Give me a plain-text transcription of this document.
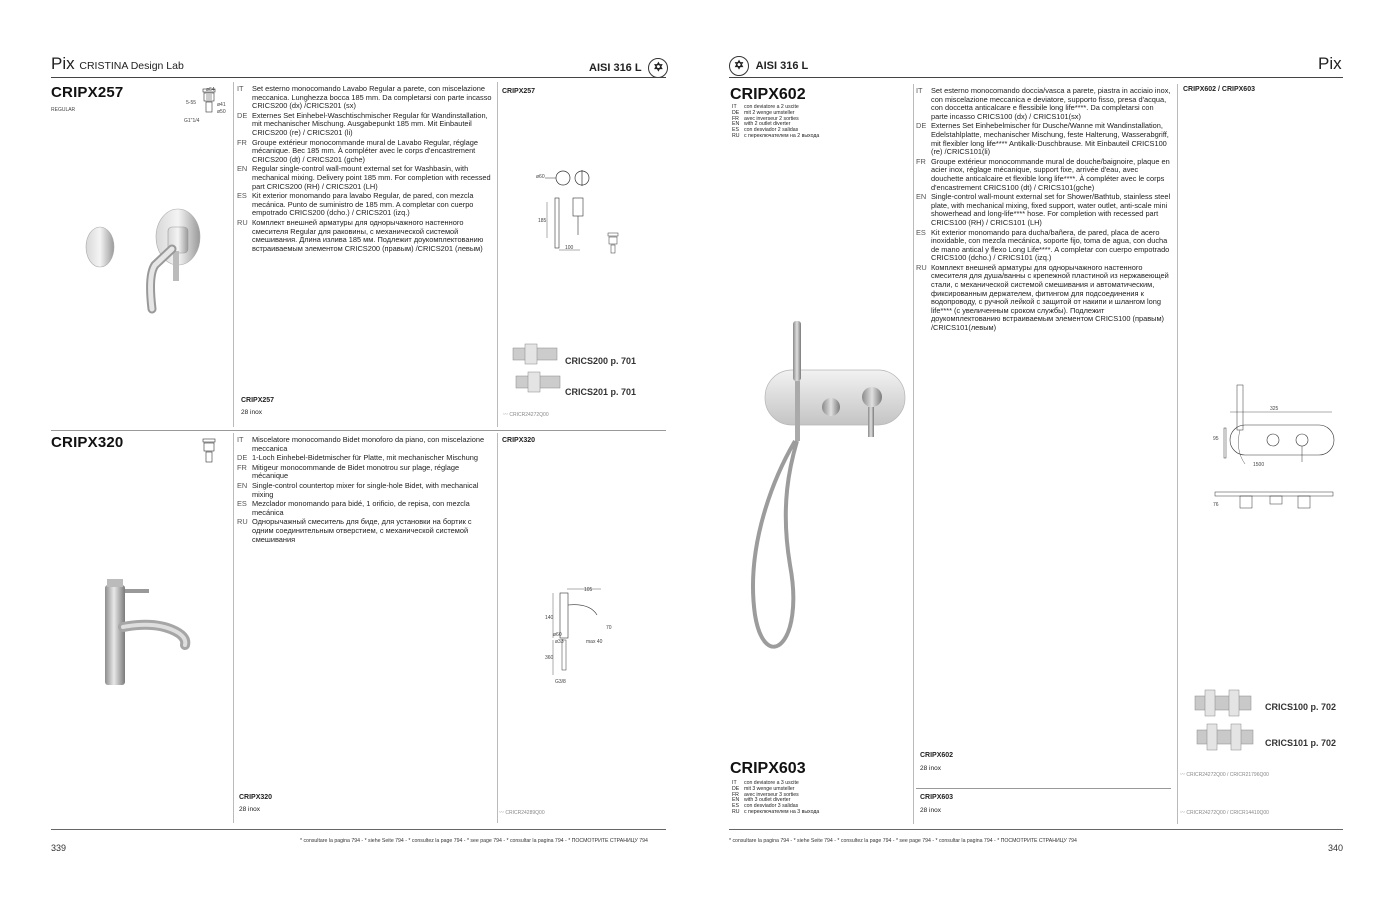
Pix CRISTINA Design Lab	AISI 316 L ✡
CRIPX257
REGULAR
ø64
ø41
ø50
5-55
G1"1/4
IT	Set esterno monocomando Lavabo Regular a parete, con miscelazione meccanica. Lunghezza bocca 185 mm. Da completarsi con parte incasso CRICS200 (dx) /CRICS201 (sx)
DE Externes Set Einhebel-Waschtischmischer Regular für Wandinstallation, mit mechanischer Mischung. Ausgabepunkt 185 mm. Mit Einbauteil CRICS200 (re) / CRICS201 (li)
FR Groupe extérieur monocommande mural de Lavabo Regular, réglage mécanique. Bec 185 mm. À compléter avec le corps d'encastrement CRICS200 (dt) / CRICS201 (gche)
EN Regular single-control wall-mount external set for Washbasin, with mechanical mixing. Delivery point 185 mm. For completion with recessed part CRICS200 (RH) / CRICS201 (LH)
ES Kit exterior monomando para lavabo Regular, de pared, con mezcla mecánica. Punto de suministro de 185 mm. A completar con cuerpo empotrado CRICS200 (dcho.) / CRICS201 (izq.)
RU Комплект внешней арматуры для однорычажного настенного смесителя Regular для раковины, с механической системой смешивания. Длина излива 185 мм. Подлежит доукомплектованию встраиваемым элементом CRICS200 (правым) /CRICS201 (левым)
CRIPX257
ø60
185
100
CRICS200 p. 701
CRICS201 p. 701
CRIPX257
28 inox	〰 CRICR24272Q00
CRIPX320	IT	Miscelatore monocomando Bidet monoforo da piano, con miscelazione meccanica
DE 1-Loch Einhebel-Bidetmischer für Platte, mit mechanischer Mischung
FR Mitigeur monocommande de Bidet monotrou sur plage, réglage mécanique
EN Single-control countertop mixer for single-hole Bidet, with mechanical mixing
ES Mezclador monomando para bidé, 1 orificio, de repisa, con mezcla mecánica
RU Однорычажный смеситель для биде, для установки на бортик с одним соединительным отверстием, с механической системой смешивания
CRIPX320
105
140
70
ø60
ø33	max 40
360
G3/8
CRIPX320
28 inox	〰 CRICR24289Q00
* consultare la pagina 794 - * siehe Seite 794 - * consultez la page 794 - * see page 794 - * consultar la pagina 794 - * ПОСМОТРИТЕ СТРАНИЦУ 794
339
✡ AISI 316 L	Pix
CRIPX602
IT	con deviatore a 2 uscite
DE mit 2 wenge umsteller
FR avec inverseur 2 sorties
EN with 2 outlet diverter
ES con desviador 2 salidas
RU с переключателем на 2 выхода
IT	Set esterno monocomando doccia/vasca a parete, piastra in acciaio inox, con miscelazione meccanica e deviatore, supporto fisso, presa d'acqua, con doccetta anticalcare e flessibile long life****. Da completarsi con parte incasso CRICS100 (dx) / CRICS101(sx)
DE Externes Set Einhebelmischer für Dusche/Wanne mit Wandinstallation, Edelstahlplatte, mechanischer Mischung, feste Halterung, Wasserabgriff, mit flexibler long life**** Antikalk-Duschbrause. Mit Einbauteil CRICS100 (re) /CRICS101(li)
FR Groupe extérieur monocommande mural de douche/baignoire, plaque en acier inox, réglage mécanique, support fixe, arrivée d'eau, avec douchette anticalcaire et flexible long life****. À compléter avec le corps d'encastrement CRICS100 (dt) / CRICS101(gche)
EN Single-control wall-mount external set for Shower/Bathtub, stainless steel plate, with mechanical mixing, fixed support, water outlet, anti-scale mini showerhead and long-life**** hose. For completion with recessed part CRICS100 (RH) / CRICS101 (LH)
ES Kit exterior monomando para ducha/bañera, de pared, placa de acero inoxidable, con mezcla mecánica, soporte fijo, toma de agua, con ducha de mano antical y flexo Long Life****. A completar con cuerpo empotrado CRICS100 (dcho.) / CRICS101 (izq.)
RU Комплект внешней арматуры для однорычажного настенного смесителя для душа/ванны с крепежной пластиной из нержавеющей стали, с механической системой смешивания и автоматическим, фиксированным держателем, фитингом для подсоединения к водопроводу, с ручной лейкой с защитой от накипи и шлангом long life**** (с увеличенным сроком службы). Подлежит доукомплектованию встраиваемым элементом CRICS100 (правым) /CRICS101(левым)
CRIPX602 / CRIPX603
325
95
1500
76
CRICS100 p. 702
CRICS101 p. 702
CRIPX602
28 inox
〰 CRICR24272Q00 / CRICR21796Q00
CRIPX603
28 inox	〰 CRICR24272Q00 / CRICR14410Q00
CRIPX603
IT	con deviatore a 3 uscite
DE mit 3 wenge umsteller
FR avec inverseur 3 sorties
EN with 3 outlet diverter
ES con desviador 3 salidas
RU с переключателем на 3 выхода
* consultare la pagina 794 - * siehe Seite 794 - * consultez la page 794 - * see page 794 - * consultar la pagina 794 - * ПОСМОТРИТЕ СТРАНИЦУ 794
340
